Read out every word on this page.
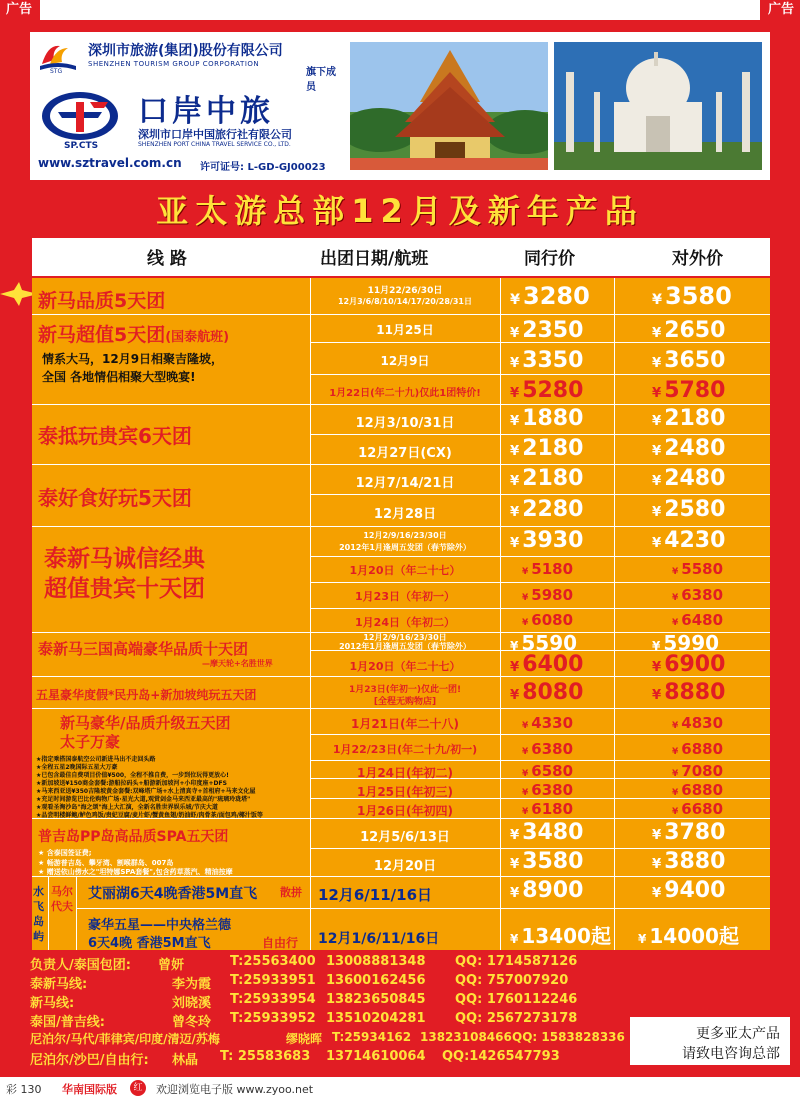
广告	广告
STG
深圳市旅游(集团)股份有限公司
SHENZHEN TOURISM GROUP CORPORATION
旗下成员
SP.CTS
口岸中旅
深圳市口岸中国旅行社有限公司
SHENZHEN PORT CHINA TRAVEL SERVICE CO., LTD.
www.sztravel.com.cn 许可证号: L-GD-GJ00023
亚太游总部12月及新年产品
线 路	出团日期/航班	同行价	对外价
新马品质5天团	11月22/26/30日
12月3/6/8/10/14/17/20/28/31日	¥ 3280	¥ 3580
新马超值5天团(国泰航班)
情系大马，12月9日相聚吉隆坡，
全国 各地情侣相聚大型晚宴!
11月25日	¥ 2350	¥ 2650
12月9日	¥ 3350	¥ 3650
1月22日(年二十九)仅此1团特价!	¥ 5280	¥ 5780
泰抵玩贵宾6天团
12月3/10/31日	¥ 1880	¥ 2180
12月27日(CX)	¥ 2180	¥ 2480
泰好食好玩5天团
12月7/14/21日	¥ 2180	¥ 2480
12月28日	¥ 2280	¥ 2580
泰新马诚信经典
超值贵宾十天团
12月2/9/16/23/30日
2012年1月逢周五发团（春节除外）	¥ 3930	¥ 4230
1月20日（年二十七）	¥ 5180	¥ 5580
1月23日（年初一）	¥ 5980	¥ 6380
1月24日（年初二）	¥ 6080	¥ 6480
泰新马三国高端豪华品质十天团
—摩天轮+名胜世界
12月2/9/16/23/30日
2012年1月逢周五发团（春节除外）	¥ 5590	¥ 5990
1月20日（年二十七）	¥ 6400	¥ 6900
五星豪华度假*民丹岛+新加坡纯玩五天团	1月23日(年初一)仅此一团!
[全程无购物店]	¥ 8080	¥ 8880
新马豪华/品质升级五天团
太子万豪
★指定乘搭国泰航空公司新进马出不走回头路
★全程五星2晚国际五星大万豪
★已包含最佳自费项目价值¥500，全程不推自费，一步到位玩得更放心!
★新加坡送¥150商金套餐:游船拉码头+船游新加坡河+小印度座+DFS
★马来西亚送¥350吉隆坡黄金套餐:双峰塔广场+水上清真寺+首相府+马来文化屋
★充足时间游览巴比伦购物广场·星光大道,观赏剑金马来西亚最高的"琉璃玲珑塔"
★观看圣淘沙岛"海之颂"海上大汇演，全新名胜世界娱乐城/节庆大道
★品尝明楼鲜鲍/鲈色鸡饭/贵妃豆腐/麦片虾/蟹黄鱼翅/奶油虾/肉骨茶/面包鸡/椰汁饭等
1月21日(年二十八)	¥ 4330	¥ 4830
1月22/23日(年二十九/初一)	¥ 6380	¥ 6880
1月24日(年初二)	¥ 6580	¥ 7080
1月25日(年初三)	¥ 6380	¥ 6880
1月26日(年初四)	¥ 6180	¥ 6680
普吉岛PP岛高品质SPA五天团
★ 含泰国签证费;
★ 畅游普吉岛、攀牙湾、割喉群岛、007岛
★ 赠送依山傍水之"坦特娜SPA套餐",包含药草蒸汽、精油按摩
12月5/6/13日	¥ 3480	¥ 3780
12月20日	¥ 3580	¥ 3880
水飞岛屿
马尔代夫
艾丽湖6天4晚香港5M直飞 散拼 12月6/11/16日	¥ 8900	¥ 9400
豪华五星——中央格兰德
6天4晚 香港5M直飞	自由行 12月1/6/11/16日	¥ 13400起 ¥ 14000起
负责人/泰国包团: 曾妍	T:25563400 13008881348 QQ: 1714587126
泰新马线:	李为霞 T:25933951 13600162456 QQ: 757007920
新马线:	刘晓溪 T:25933954 13823650845 QQ: 1760112246
泰国/普吉线:	曾冬玲 T:25933952 13510204281 QQ: 2567273178
尼泊尔/马代/菲律宾/印度/清迈/苏梅	缪晓晖 T:25934162 13823108466 QQ: 1583828336
尼泊尔/沙巴/自由行: 林晶 T: 25583683 13714610064 QQ:1426547793
更多亚太产品
请致电咨询总部
彩 130 华南国际版	红	欢迎浏览电子版 www.zyoo.net
